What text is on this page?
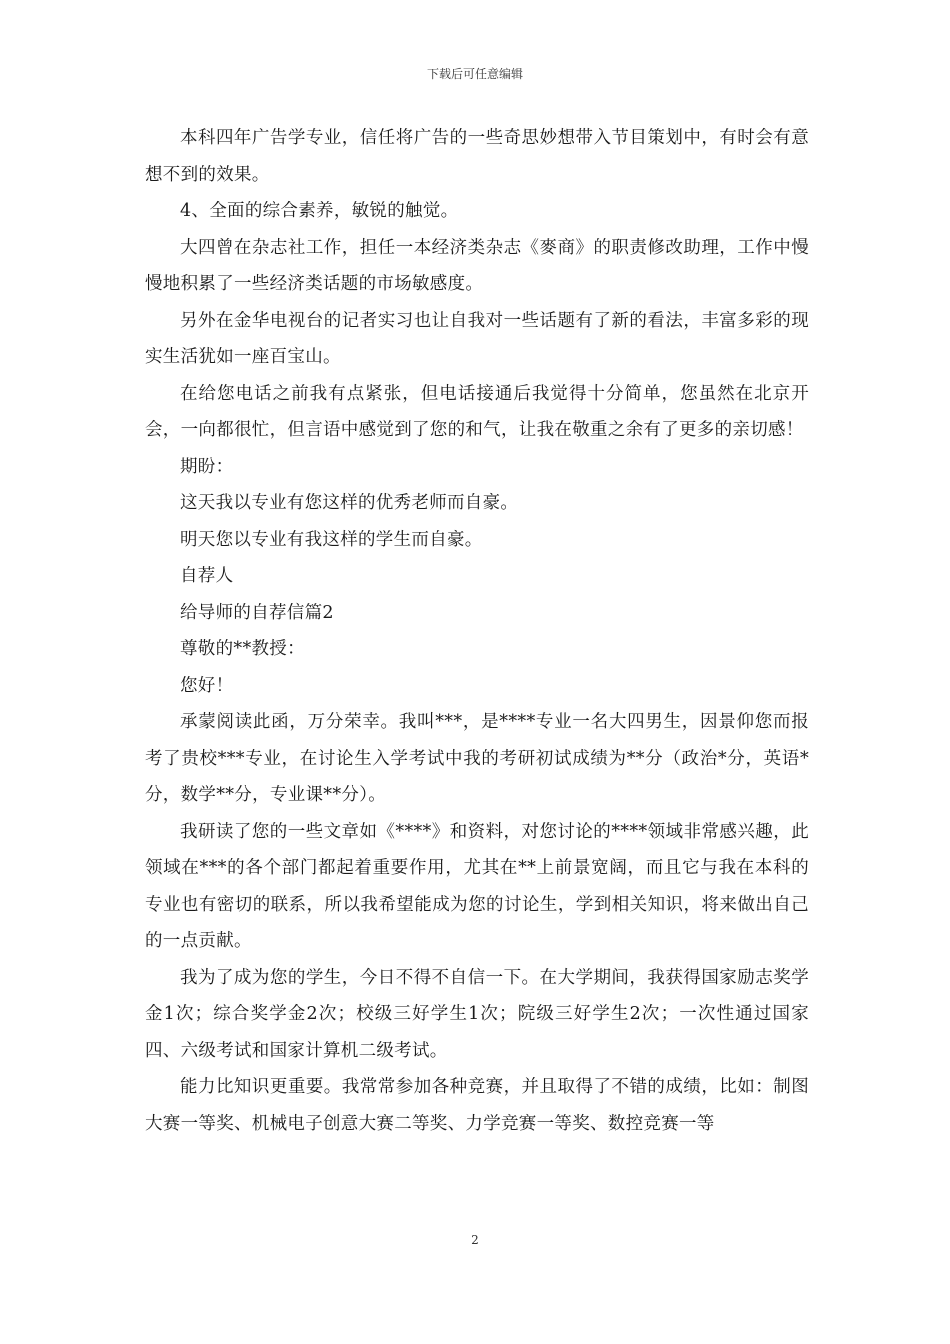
下载后可任意编辑

本科四年广告学专业，信任将广告的一些奇思妙想带入节目策划中，有时会有意想不到的效果。

4、全面的综合素养，敏锐的触觉。

大四曾在杂志社工作，担任一本经济类杂志《麥商》的职责修改助理，工作中慢慢地积累了一些经济类话题的市场敏感度。

另外在金华电视台的记者实习也让自我对一些话题有了新的看法，丰富多彩的现实生活犹如一座百宝山。

在给您电话之前我有点紧张，但电话接通后我觉得十分简单，您虽然在北京开会，一向都很忙，但言语中感觉到了您的和气，让我在敬重之余有了更多的亲切感！

期盼：

这天我以专业有您这样的优秀老师而自豪。

明天您以专业有我这样的学生而自豪。

自荐人

给导师的自荐信篇2

尊敬的**教授：

您好！

承蒙阅读此函，万分荣幸。我叫***，是****专业一名大四男生，因景仰您而报考了贵校***专业，在讨论生入学考试中我的考研初试成绩为**分（政治*分，英语*分，数学**分，专业课**分）。

我研读了您的一些文章如《****》和资料，对您讨论的****领域非常感兴趣，此领域在***的各个部门都起着重要作用，尤其在**上前景宽阔，而且它与我在本科的专业也有密切的联系，所以我希望能成为您的讨论生，学到相关知识，将来做出自己的一点贡献。

我为了成为您的学生，今日不得不自信一下。在大学期间，我获得国家励志奖学金1次；综合奖学金2次；校级三好学生1次；院级三好学生2次；一次性通过国家四、六级考试和国家计算机二级考试。

能力比知识更重要。我常常参加各种竞赛，并且取得了不错的成绩，比如：制图大赛一等奖、机械电子创意大赛二等奖、力学竞赛一等奖、数控竞赛一等

2
